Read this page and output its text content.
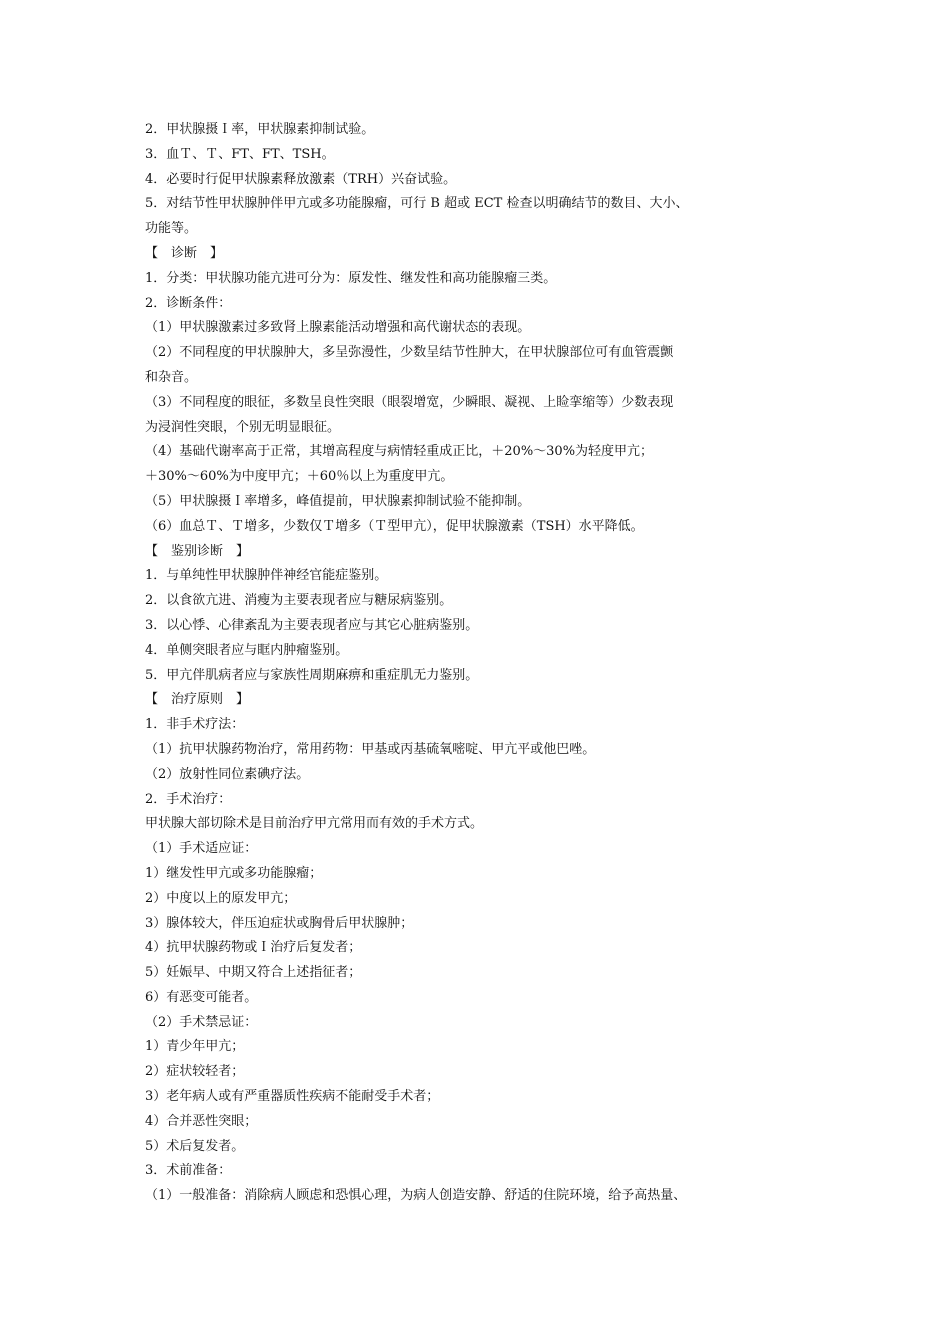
2．甲状腺摄Ｉ率，甲状腺素抑制试验。
3．血Ｔ、Ｔ、FT、FT、TSH。
4．必要时行促甲状腺素释放激素（TRH）兴奋试验。
5．对结节性甲状腺肿伴甲亢或多功能腺瘤，可行 B 超或 ECT 检查以明确结节的数目、大小、
功能等。
【　诊断　】
1．分类：甲状腺功能亢进可分为：原发性、继发性和高功能腺瘤三类。
2．诊断条件：
（1）甲状腺激素过多致肾上腺素能活动增强和高代谢状态的表现。
（2）不同程度的甲状腺肿大，多呈弥漫性，少数呈结节性肿大，在甲状腺部位可有血管震颤
和杂音。
（3）不同程度的眼征，多数呈良性突眼（眼裂增宽，少瞬眼、凝视、上睑挛缩等）少数表现
为浸润性突眼，个别无明显眼征。
（4）基础代谢率高于正常，其增高程度与病情轻重成正比，＋20%～30%为轻度甲亢；
＋30%～60%为中度甲亢；＋60％以上为重度甲亢。
（5）甲状腺摄Ｉ率增多，峰值提前，甲状腺素抑制试验不能抑制。
（6）血总Ｔ、Ｔ增多，少数仅Ｔ增多（Ｔ型甲亢），促甲状腺激素（TSH）水平降低。
【　鉴别诊断　】
1．与单纯性甲状腺肿伴神经官能症鉴别。
2．以食欲亢进、消瘦为主要表现者应与糖尿病鉴别。
3．以心悸、心律紊乱为主要表现者应与其它心脏病鉴别。
4．单侧突眼者应与眶内肿瘤鉴别。
5．甲亢伴肌病者应与家族性周期麻痹和重症肌无力鉴别。
【　治疗原则　】
1．非手术疗法：
（1）抗甲状腺药物治疗，常用药物：甲基或丙基硫氧嘧啶、甲亢平或他巴唑。
（2）放射性同位素碘疗法。
2．手术治疗：
甲状腺大部切除术是目前治疗甲亢常用而有效的手术方式。
（1）手术适应证：
1）继发性甲亢或多功能腺瘤；
2）中度以上的原发甲亢；
3）腺体较大，伴压迫症状或胸骨后甲状腺肿；
4）抗甲状腺药物或Ｉ治疗后复发者；
5）妊娠早、中期又符合上述指征者；
6）有恶变可能者。
（2）手术禁忌证：
1）青少年甲亢；
2）症状较轻者；
3）老年病人或有严重器质性疾病不能耐受手术者；
4）合并恶性突眼；
5）术后复发者。
3．术前准备：
（1）一般准备：消除病人顾虑和恐惧心理，为病人创造安静、舒适的住院环境，给予高热量、
